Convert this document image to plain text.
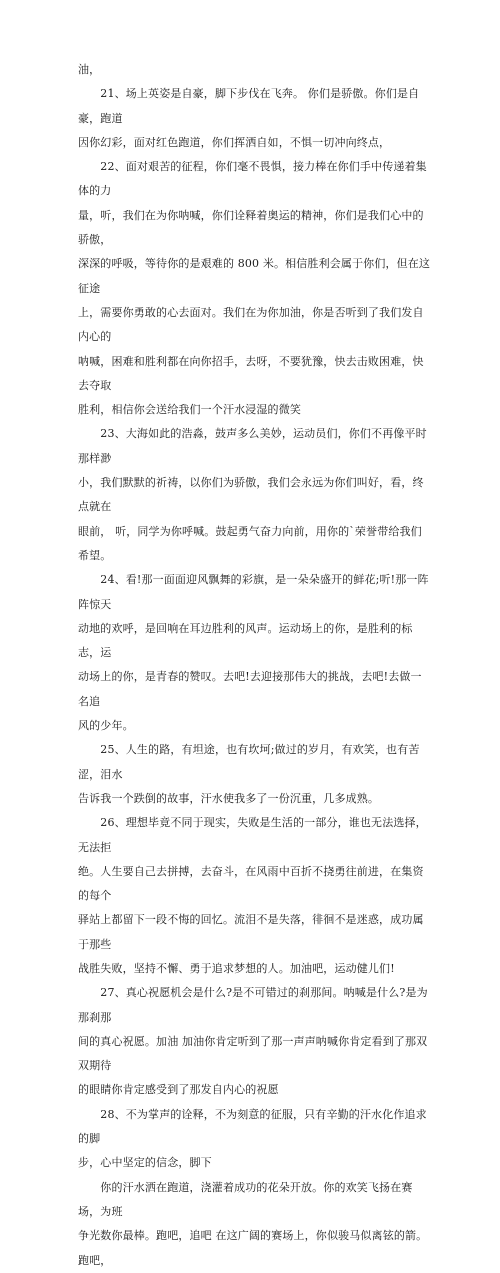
油，

　　21、场上英姿是自豪，脚下步伐在飞奔。 你们是骄傲。你们是自豪，跑道
因你幻彩，面对红色跑道，你们挥洒自如，不惧一切冲向终点，

　　22、面对艰苦的征程，你们毫不畏惧，接力棒在你们手中传递着集体的力
量，听，我们在为你呐喊，你们诠释着奥运的精神，你们是我们心中的骄傲，
深深的呼吸，等待你的是艰难的 800 米。相信胜利会属于你们，但在这征途
上，需要你勇敢的心去面对。我们在为你加油，你是否听到了我们发自内心的
呐喊，困难和胜利都在向你招手，去呀，不要犹豫，快去击败困难，快去夺取
胜利，相信你会送给我们一个汗水浸湿的微笑

　　23、大海如此的浩淼，鼓声多么美妙，运动员们，你们不再像平时那样渺
小，我们默默的祈祷，以你们为骄傲，我们会永远为你们叫好，看，终点就在
眼前， 听，同学为你呼喊。鼓起勇气奋力向前，用你的`荣誉带给我们希望。

　　24、看!那一面面迎风飘舞的彩旗，是一朵朵盛开的鲜花;听!那一阵阵惊天
动地的欢呼，是回响在耳边胜利的风声。运动场上的你，是胜利的标志，运
动场上的你，是青春的赞叹。去吧!去迎接那伟大的挑战，去吧!去做一名追
风的少年。

　　25、人生的路，有坦途，也有坎坷;做过的岁月，有欢笑，也有苦涩，泪水
告诉我一个跌倒的故事，汗水使我多了一份沉重，几多成熟。

　　26、理想毕竟不同于现实，失败是生活的一部分，谁也无法选择，无法拒
绝。人生要自己去拼搏，去奋斗，在风雨中百折不挠勇往前进，在集资的每个
驿站上都留下一段不悔的回忆。流泪不是失落，徘徊不是迷惑，成功属于那些
战胜失败，坚持不懈、勇于追求梦想的人。加油吧，运动健儿们!

　　27、真心祝愿机会是什么?是不可错过的刹那间。呐喊是什么?是为那刹那
间的真心祝愿。加油 加油你肯定听到了那一声声呐喊你肯定看到了那双双期待
的眼睛你肯定感受到了那发自内心的祝愿

　　28、不为掌声的诠释，不为刻意的征服，只有辛勤的汗水化作追求的脚
步，心中坚定的信念，脚下

　　你的汗水洒在跑道，浇灌着成功的花朵开放。你的欢笑飞扬在赛场，为班
争光数你最棒。跑吧，追吧 在这广阔的赛场上，你似骏马似离铉的箭。跑吧，
